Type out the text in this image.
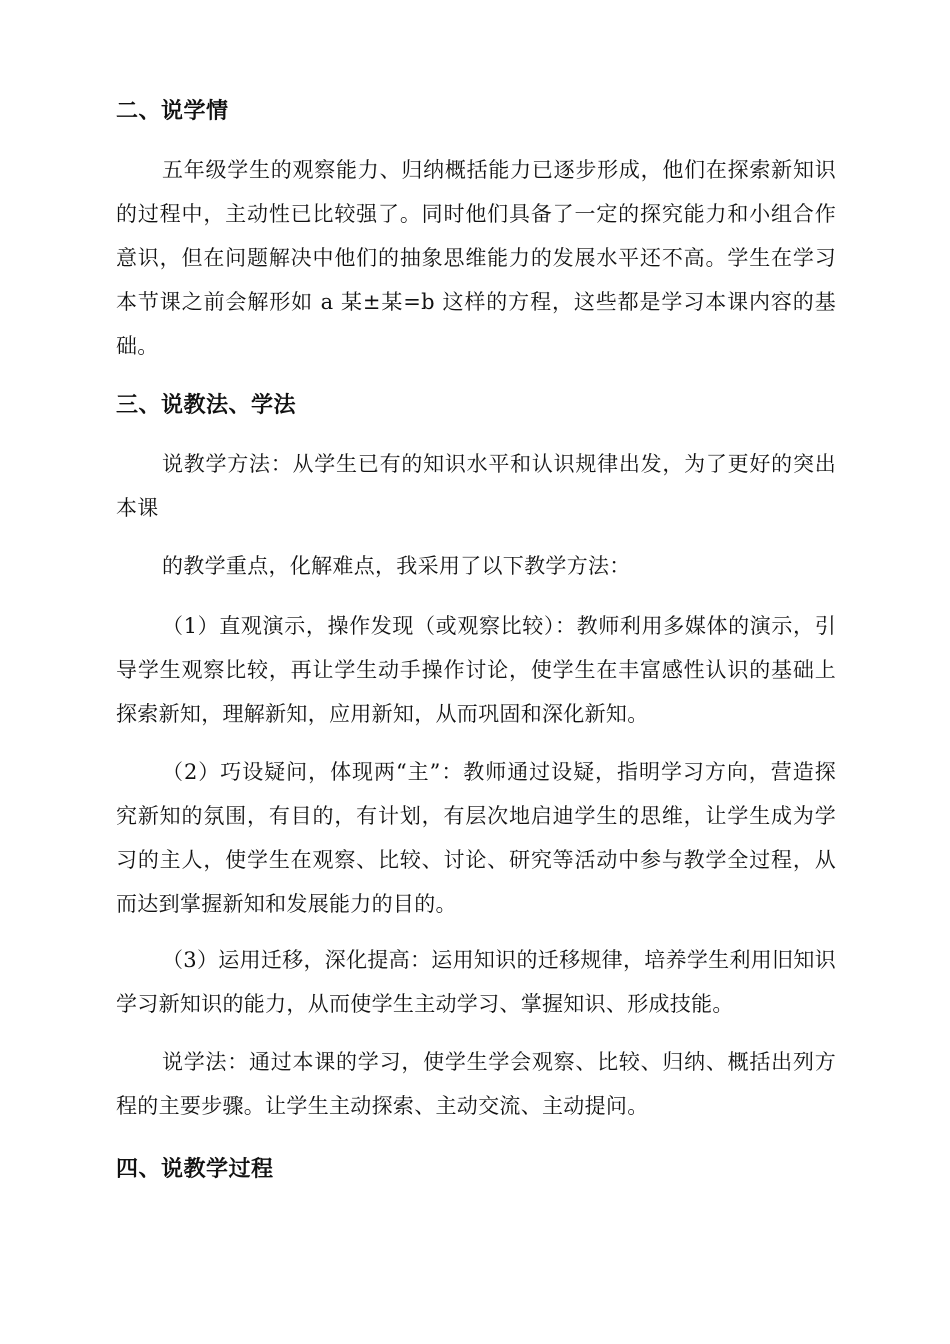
二、说学情

五年级学生的观察能力、归纳概括能力已逐步形成，他们在探索新知识的过程中，主动性已比较强了。同时他们具备了一定的探究能力和小组合作意识，但在问题解决中他们的抽象思维能力的发展水平还不高。学生在学习本节课之前会解形如 a 某±某=b 这样的方程，这些都是学习本课内容的基础。

三、说教法、学法

说教学方法：从学生已有的知识水平和认识规律出发，为了更好的突出本课

的教学重点，化解难点，我采用了以下教学方法：

（1）直观演示，操作发现（或观察比较）：教师利用多媒体的演示，引导学生观察比较，再让学生动手操作讨论，使学生在丰富感性认识的基础上探索新知，理解新知，应用新知，从而巩固和深化新知。

（2）巧设疑问，体现两“主”：教师通过设疑，指明学习方向，营造探究新知的氛围，有目的，有计划，有层次地启迪学生的思维，让学生成为学习的主人，使学生在观察、比较、讨论、研究等活动中参与教学全过程，从而达到掌握新知和发展能力的目的。

（3）运用迁移，深化提高：运用知识的迁移规律，培养学生利用旧知识学习新知识的能力，从而使学生主动学习、掌握知识、形成技能。

说学法：通过本课的学习，使学生学会观察、比较、归纳、概括出列方程的主要步骤。让学生主动探索、主动交流、主动提问。

四、说教学过程
